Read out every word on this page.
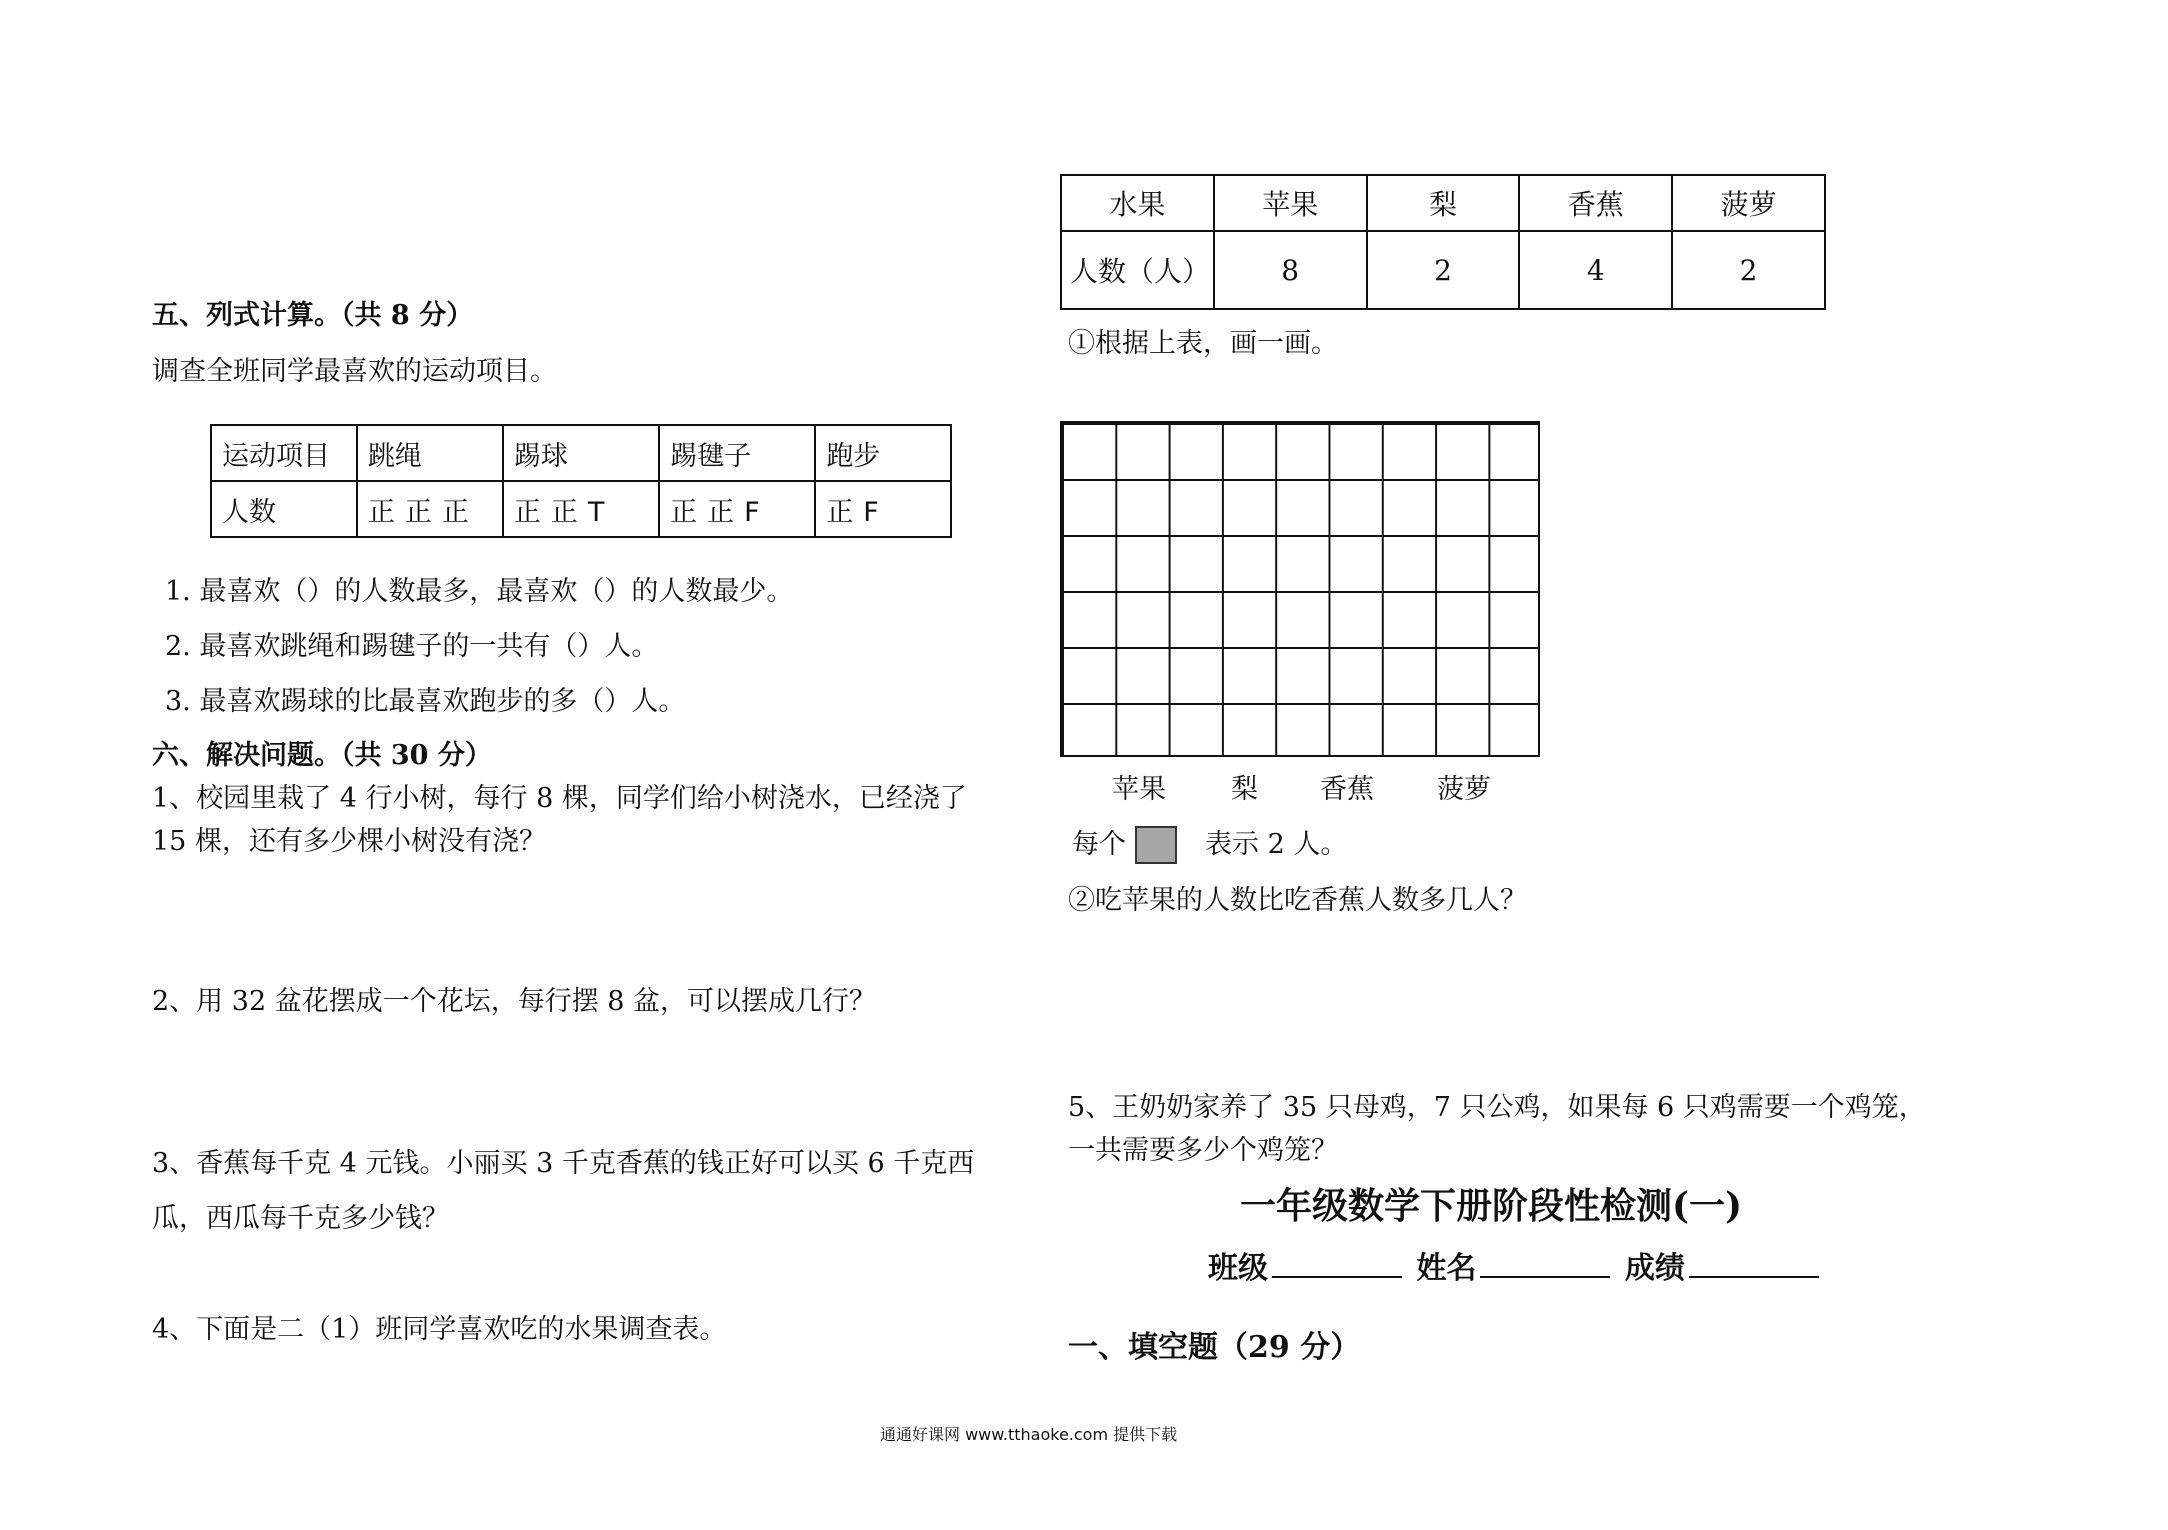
五、列式计算。（共 8 分）
调查全班同学最喜欢的运动项目。
运动项目	跳绳	踢球	踢毽子	跑步
人数	正正正	正正T	正正F	正F
1. 最喜欢（）的人数最多，最喜欢（）的人数最少。
2. 最喜欢跳绳和踢毽子的一共有（）人。
3. 最喜欢踢球的比最喜欢跑步的多（）人。
六、解决问题。（共 30 分）
1、校园里栽了 4 行小树，每行 8 棵，同学们给小树浇水，已经浇了
15 棵，还有多少棵小树没有浇？
2、用 32 盆花摆成一个花坛，每行摆 8 盆，可以摆成几行？
3、香蕉每千克 4 元钱。小丽买 3 千克香蕉的钱正好可以买 6 千克西
瓜，西瓜每千克多少钱？
4、下面是二（1）班同学喜欢吃的水果调查表。
水果	苹果	梨	香蕉	菠萝
人数（人）	8	2	4	2
①根据上表，画一画。
苹果 梨 香蕉 菠萝
每个	表示 2 人。
②吃苹果的人数比吃香蕉人数多几人？
5、王奶奶家养了 35 只母鸡，7 只公鸡，如果每 6 只鸡需要一个鸡笼，
一共需要多少个鸡笼？
一年级数学下册阶段性检测(一)
班级	姓名	成绩
一、填空题（29 分）
通通好课网 www.tthaoke.com 提供下载
